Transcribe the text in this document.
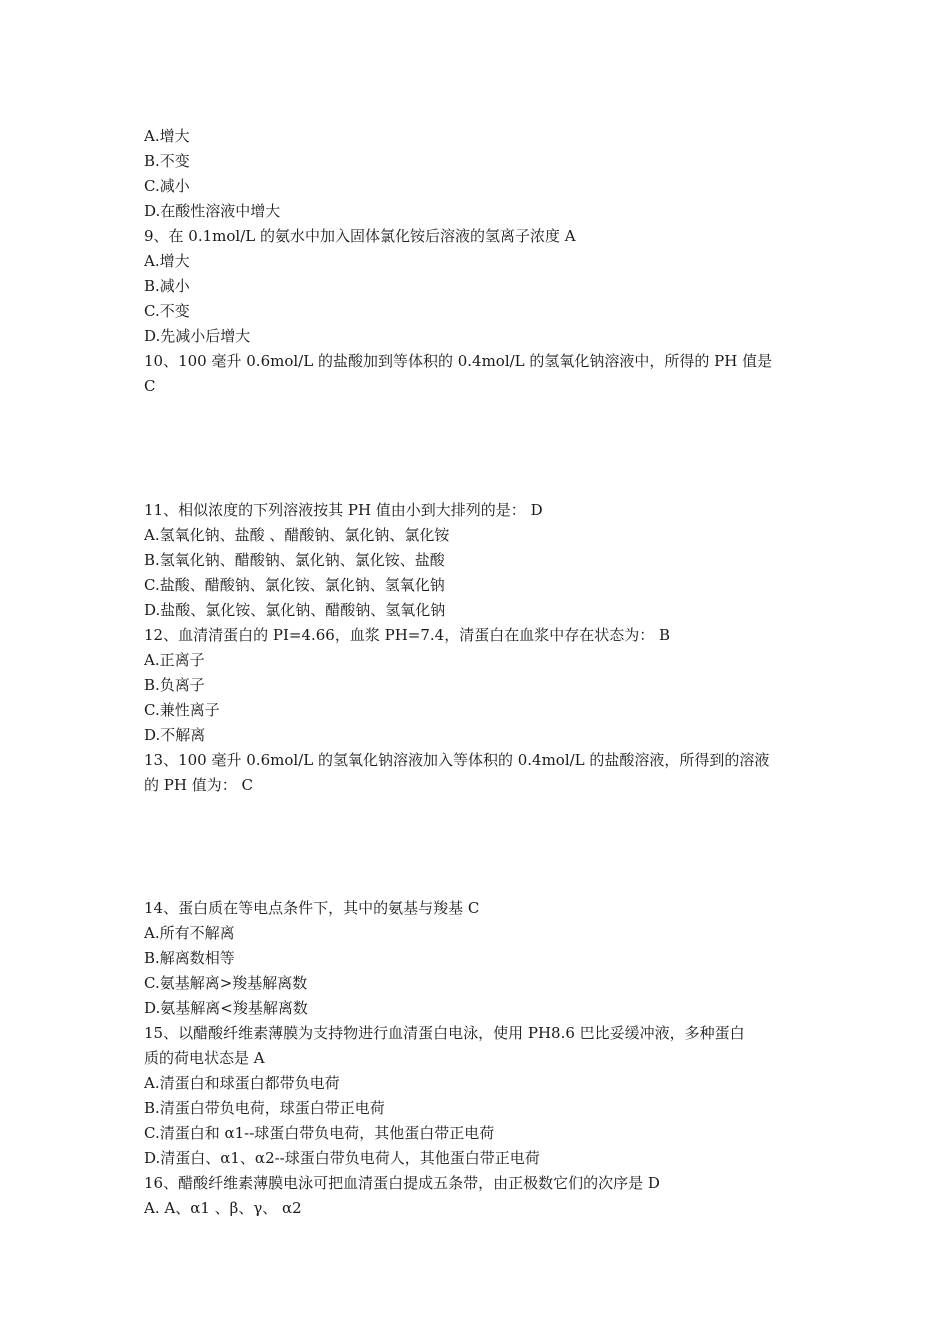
A.增大
B.不变
C.减小
D.在酸性溶液中增大
9、在 0.1mol/L 的氨水中加入固体氯化铵后溶液的氢离子浓度 A
A.增大
B.减小
C.不变
D.先减小后增大
10、100 毫升 0.6mol/L 的盐酸加到等体积的 0.4mol/L 的氢氧化钠溶液中，所得的 PH 值是
C
11、相似浓度的下列溶液按其 PH 值由小到大排列的是： D
A.氢氧化钠、盐酸 、醋酸钠、氯化钠、氯化铵
B.氢氧化钠、醋酸钠、氯化钠、氯化铵、盐酸
C.盐酸、醋酸钠、氯化铵、氯化钠、氢氧化钠
D.盐酸、氯化铵、氯化钠、醋酸钠、氢氧化钠
12、血清清蛋白的 PI=4.66，血浆 PH=7.4，清蛋白在血浆中存在状态为： B
A.正离子
B.负离子
C.兼性离子
D.不解离
13、100 毫升 0.6mol/L 的氢氧化钠溶液加入等体积的 0.4mol/L 的盐酸溶液，所得到的溶液
的 PH 值为： C
14、蛋白质在等电点条件下，其中的氨基与羧基 C
A.所有不解离
B.解离数相等
C.氨基解离>羧基解离数
D.氨基解离<羧基解离数
15、以醋酸纤维素薄膜为支持物进行血清蛋白电泳，使用 PH8.6 巴比妥缓冲液，多种蛋白
质的荷电状态是 A
A.清蛋白和球蛋白都带负电荷
B.清蛋白带负电荷，球蛋白带正电荷
C.清蛋白和 α1--球蛋白带负电荷，其他蛋白带正电荷
D.清蛋白、α1、α2--球蛋白带负电荷人，其他蛋白带正电荷
16、醋酸纤维素薄膜电泳可把血清蛋白提成五条带，由正极数它们的次序是 D
A. A、α1 、β、γ、 α2
